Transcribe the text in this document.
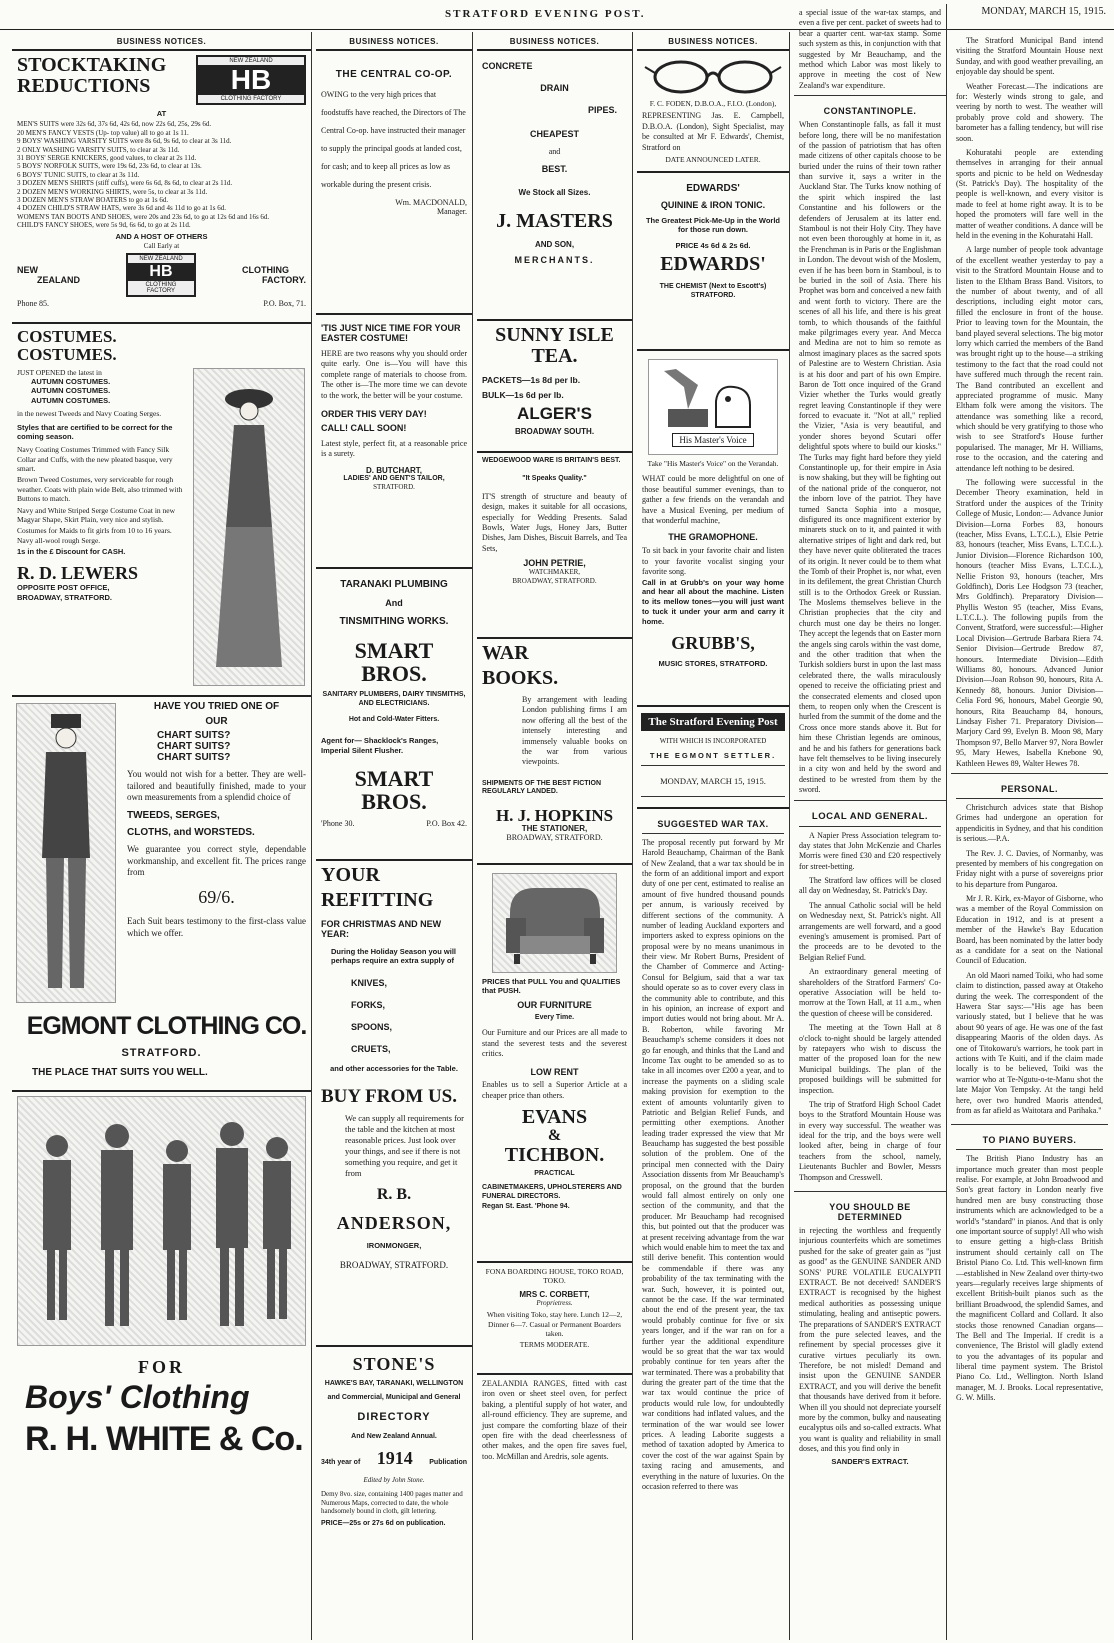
STRATFORD EVENING POST.	MONDAY, MARCH 15, 1915.
BUSINESS NOTICES.
STOCKTAKING
REDUCTIONS
NEW ZEALAND
HB
CLOTHING FACTORY
AT
MEN'S SUITS were 32s 6d, 37s 6d, 42s 6d, now 22s 6d, 25s, 29s 6d.
20 MEN'S FANCY VESTS (Up- top value) all to go at 1s 11.
9 BOYS' WASHING VARSITY SUITS were 8s 6d, 9s 6d, to clear at 3s 11d.
2 ONLY WASHING VARSITY SUITS, to clear at 3s 11d.
31 BOYS' SERGE KNICKERS, good values, to clear at 2s 11d.
5 BOYS' NORFOLK SUITS, were 19s 6d, 23s 6d, to clear at 13s.
6 BOYS' TUNIC SUITS, to clear at 3s 11d.
3 DOZEN MEN'S SHIRTS (stiff cuffs), were 6s 6d, 8s 6d, to clear at 2s 11d.
2 DOZEN MEN'S WORKING SHIRTS, were 5s, to clear at 3s 11d.
3 DOZEN MEN'S STRAW BOATERS to go at 1s 6d.
4 DOZEN CHILD'S STRAW HATS, were 3s 6d and 4s 11d to go at 1s 6d.
WOMEN'S TAN BOOTS AND SHOES, were 20s and 23s 6d, to go at 12s 6d and 16s 6d.
CHILD'S FANCY SHOES, were 5s 9d, 6s 6d, to go at 2s 11d.
AND A HOST OF OTHERS
Call Early at
NEW
ZEALAND
NEW ZEALAND
HB
CLOTHING FACTORY
CLOTHING
FACTORY.
Phone 85.	P.O. Box, 71.
COSTUMES.
COSTUMES.
JUST OPENED the latest in
AUTUMN COSTUMES.
AUTUMN COSTUMES.
AUTUMN COSTUMES.
in the newest Tweeds and Navy Coating Serges.
Styles that are certified to be correct for the coming season.
Navy Coating Costumes Trimmed with Fancy Silk Collar and Cuffs, with the new pleated basque, very smart.
Brown Tweed Costumes, very serviceable for rough weather. Coats with plain wide Belt, also trimmed with Buttons to match.
Navy and White Striped Serge Costume Coat in new Magyar Shape, Skirt Plain, very nice and stylish.
Costumes for Maids to fit girls from 10 to 16 years. Navy all-wool rough Serge.
1s in the £ Discount for CASH.
R. D. LEWERS
OPPOSITE POST OFFICE,
BROADWAY, STRATFORD.
HAVE YOU TRIED ONE OF
OUR
CHART SUITS?
CHART SUITS?
CHART SUITS?
You would not wish for a better. They are well-tailored and beautifully finished, made to your own measurements from a splendid choice of
TWEEDS, SERGES,
CLOTHS, and WORSTEDS.
We guarantee you correct style, dependable workmanship, and excellent fit. The prices range from
69/6.
Each Suit bears testimony to the first-class value which we offer.
EGMONT CLOTHING CO.
STRATFORD.
THE PLACE THAT SUITS YOU WELL.
FOR
Boys' Clothing
R. H. WHITE & Co.
BUSINESS NOTICES.
THE CENTRAL CO-OP.
OWING to the very high prices that foodstuffs have reached, the Directors of The Central Co-op. have instructed their manager to supply the principal goods at landed cost, for cash; and to keep all prices as low as workable during the present crisis.
Wm. MACDONALD,
Manager.
'TIS JUST NICE TIME FOR YOUR EASTER COSTUME!
HERE are two reasons why you should order quite early. One is—You will have this complete range of materials to choose from. The other is—The more time we can devote to the work, the better will be your costume.
ORDER THIS VERY DAY!
CALL! CALL SOON!
Latest style, perfect fit, at a reasonable price is a surety.
D. BUTCHART,
LADIES' AND GENT'S TAILOR,
STRATFORD.
TARANAKI PLUMBING
And
TINSMITHING WORKS.
SMART BROS.
SANITARY PLUMBERS, DAIRY TINSMITHS, AND ELECTRICIANS.
Hot and Cold-Water Fitters.
Agent for— Shacklock's Ranges, Imperial Silent Flusher.
SMART BROS.
'Phone 30.	P.O. Box 42.
YOUR
REFITTING
FOR CHRISTMAS AND NEW YEAR:
During the Holiday Season you will perhaps require an extra supply of
KNIVES,
FORKS,
SPOONS,
CRUETS,
and other accessories for the Table.
BUY FROM US.
We can supply all requirements for the table and the kitchen at most reasonable prices. Just look over your things, and see if there is not something you require, and get it from
R. B.
ANDERSON,
IRONMONGER,
BROADWAY, STRATFORD.
STONE'S
HAWKE'S BAY, TARANAKI, WELLINGTON
and Commercial, Municipal and General
DIRECTORY
And New Zealand Annual.
34th year of 1914 Publication
Edited by John Stone.
Demy 8vo. size, containing 1400 pages matter and Numerous Maps, corrected to date, the whole handsomely bound in cloth, gilt lettering.
PRICE—25s or 27s 6d on publication.
BUSINESS NOTICES.
CONCRETE
DRAIN
PIPES.
CHEAPEST
and
BEST.
We Stock all Sizes.
J. MASTERS
AND SON,
MERCHANTS.
SUNNY ISLE
TEA.
PACKETS—1s 8d per lb.
BULK—1s 6d per lb.
ALGER'S
BROADWAY SOUTH.
WEDGEWOOD WARE IS BRITAIN'S BEST.
"It Speaks Quality."
IT'S strength of structure and beauty of design, makes it suitable for all occasions, especially for Wedding Presents. Salad Bowls, Water Jugs, Honey Jars, Butter Dishes, Jam Dishes, Biscuit Barrels, and Tea Sets,
JOHN PETRIE,
WATCHMAKER,
BROADWAY, STRATFORD.
WAR
BOOKS.
By arrangement with leading London publishing firms I am now offering all the best of the intensely interesting and immensely valuable books on the war from various viewpoints.
SHIPMENTS OF THE BEST FICTION REGULARLY LANDED.
H. J. HOPKINS
THE STATIONER,
BROADWAY, STRATFORD.
PRICES that PULL You and QUALITIES that PUSH.
OUR FURNITURE
Every Time.
Our Furniture and our Prices are all made to stand the severest tests and the severest critics.
LOW RENT
Enables us to sell a Superior Article at a cheaper price than others.
EVANS
&
TICHBON.
PRACTICAL
CABINETMAKERS, UPHOLSTERERS AND FUNERAL DIRECTORS.
Regan St. East. 'Phone 94.
FONA BOARDING HOUSE, TOKO ROAD, TOKO.
MRS C. CORBETT,
Proprietress.
When visiting Toko, stay here. Lunch 12—2, Dinner 6—7. Casual or Permanent Boarders taken.
TERMS MODERATE.
ZEALANDIA RANGES, fitted with cast iron oven or sheet steel oven, for perfect baking, a plentiful supply of hot water, and all-round efficiency. They are supreme, and just compare the comforting blaze of their open fire with the dead cheerlessness of other makes, and the open fire saves fuel, too. McMillan and Aredris, sole agents.
BUSINESS NOTICES.
F. C. FODEN, D.B.O.A., F.I.O. (London),
REPRESENTING Jas. E. Campbell, D.B.O.A. (London), Sight Specialist, may be consulted at Mr F. Edwards', Chemist, Stratford on
DATE ANNOUNCED LATER.
EDWARDS'
QUININE & IRON TONIC.
The Greatest Pick-Me-Up in the World for those run down.
PRICE 4s 6d & 2s 6d.
EDWARDS'
THE CHEMIST (Next to Escott's) STRATFORD.
His Master's Voice
Take "His Master's Voice" on the Verandah.
WHAT could be more delightful on one of those beautiful summer evenings, than to gather a few friends on the verandah and have a Musical Evening, per medium of that wonderful machine,
THE GRAMOPHONE.
To sit back in your favorite chair and listen to your favorite vocalist singing your favorite song.
Call in at Grubb's on your way home and hear all about the machine. Listen to its mellow tones—you will just want to tuck it under your arm and carry it home.
GRUBB'S,
MUSIC STORES, STRATFORD.
The Stratford Evening Post
WITH WHICH IS INCORPORATED
THE EGMONT SETTLER.
MONDAY, MARCH 15, 1915.
SUGGESTED WAR TAX.
The proposal recently put forward by Mr Harold Beauchamp, Chairman of the Bank of New Zealand, that a war tax should be in the form of an additional import and export duty of one per cent, estimated to realise an amount of five hundred thousand pounds per annum, is variously received by different sections of the community. A number of leading Auckland exporters and importers asked to express opinions on the proposal were by no means unanimous in their view. Mr Robert Burns, President of the Chamber of Commerce and Acting-Consul for Belgium, said that a war tax should operate so as to cover every class in the community able to contribute, and this in his opinion, an increase of export and import duties would not bring about. Mr A. B. Roberton, while favoring Mr Beauchamp's scheme considers it does not go far enough, and thinks that the Land and Income Tax ought to be amended so as to take in all incomes over £200 a year, and to increase the payments on a sliding scale making provision for exemption to the extent of amounts voluntarily given to Patriotic and Belgian Relief Funds, and permitting other exemptions. Another leading trader expressed the view that Mr Beauchamp has suggested the best possible solution of the problem. One of the principal men connected with the Dairy Association dissents from Mr Beauchamp's proposal, on the ground that the burden would fall almost entirely on only one section of the community, and that the producer. Mr Beauchamp had recognised this, but pointed out that the producer was at present receiving advantage from the war which would enable him to meet the tax and still derive benefit. This contention would be commendable if there was any probability of the tax terminating with the war. Such, however, it is pointed out, cannot be the case. If the war terminated about the end of the present year, the tax would probably continue for five or six years longer, and if the war ran on for a further year the additional expenditure would be so great that the war tax would probably continue for ten years after the war terminated. There was a probability that during the greater part of the time that the war tax would continue the price of products would rule low, for undoubtedly war conditions had inflated values, and the termination of the war would see lower prices. A leading Laborite suggests a method of taxation adopted by America to cover the cost of the war against Spain by taxing racing and amusements, and everything in the nature of luxuries. On the occasion referred to there was
a special issue of the war-tax stamps, and even a five per cent. packet of sweets had to bear a quarter cent. war-tax stamp. Some such system as this, in conjunction with that suggested by Mr Beauchamp, and the method which Labor was most likely to approve in meeting the cost of New Zealand's war expenditure.
CONSTANTINOPLE.
When Constantinople falls, as fall it must before long, there will be no manifestation of the passion of patriotism that has often made citizens of other capitals choose to be buried under the ruins of their town rather than survive it, says a writer in the Auckland Star. The Turks know nothing of the spirit which inspired the last Constantine and his followers or the defenders of Jerusalem at its latter end. Stamboul is not their Holy City. They have not even been thoroughly at home in it, as the Frenchman is in Paris or the Englishman in London. The devout wish of the Moslem, even if he has been born in Stamboul, is to be buried in the soil of Asia. There his Prophet was born and conceived a new faith and went forth to victory. There are the scenes of all his life, and there is his great tomb, to which thousands of the faithful make pilgrimages every year. And Mecca and Medina are not to him so remote as almost imaginary places as the sacred spots of Palestine are to Western Christian. Asia is at his door and part of his own Empire. Baron de Tott once inquired of the Grand Vizier whether the Turks would greatly regret leaving Constantinople if they were forced to evacuate it. "Not at all," replied the Vizier, "Asia is very beautiful, and yonder shores beyond Scutari offer delightful spots where to build our kiosks." The Turks may fight hard before they yield Constantinople up, for their empire in Asia is now shaking, but they will be fighting out of the national pride of the conqueror, not the inborn love of the patriot. They have turned Sancta Sophia into a mosque, disfigured its once magnificent exterior by minarets stuck on to it, and painted it with alternative stripes of light and dark red, but they have never quite obliterated the traces of its origin. It never could be to them what the Tomb of their Prophet is, nor what, even in its defilement, the great Christian Church still is to the Orthodox Greek or Russian. The Moslems themselves believe in the Christian prophecies that the city and church must one day be theirs no longer. They accept the legends that on Easter morn the angels sing carols within the vast dome, and the other tradition that when the Turkish soldiers burst in upon the last mass celebrated there, the walls miraculously opened to receive the officiating priest and the consecrated elements and closed upon them, to reopen only when the Crescent is hurled from the summit of the dome and the Cross once more stands above it. But for him these Christian legends are ominous, and he and his fathers for generations back have felt themselves to be living insecurely in a city won and held by the sword and destined to be wrested from them by the sword.
LOCAL AND GENERAL.
A Napier Press Association telegram to-day states that John McKenzie and Charles Morris were fined £30 and £20 respectively for street-betting.
The Stratford law offices will be closed all day on Wednesday, St. Patrick's Day.
The annual Catholic social will be held on Wednesday next, St. Patrick's night. All arrangements are well forward, and a good evening's amusement is promised. Part of the proceeds are to be devoted to the Belgian Relief Fund.
An extraordinary general meeting of shareholders of the Stratford Farmers' Co-operative Association will be held to-morrow at the Town Hall, at 11 a.m., when the question of cheese will be considered.
The meeting at the Town Hall at 8 o'clock to-night should be largely attended by ratepayers who wish to discuss the matter of the proposed loan for the new Municipal buildings. The plan of the proposed buildings will be submitted for inspection.
The trip of Stratford High School Cadet boys to the Stratford Mountain House was in every way successful. The weather was ideal for the trip, and the boys were well looked after, being in charge of four teachers from the school, namely, Lieutenants Buchler and Bowler, Messrs Thompson and Cresswell.
YOU SHOULD BE DETERMINED
in rejecting the worthless and frequently injurious counterfeits which are sometimes pushed for the sake of greater gain as "just as good" as the GENUINE SANDER AND SONS' PURE VOLATILE EUCALYPTI EXTRACT. Be not deceived! SANDER'S EXTRACT is recognised by the highest medical authorities as possessing unique stimulating, healing and antiseptic powers. The preparations of SANDER'S EXTRACT from the pure selected leaves, and the refinement by special processes give it curative virtues peculiarly its own. Therefore, be not misled! Demand and insist upon the GENUINE SANDER EXTRACT, and you will derive the benefit that thousands have derived from it before. When ill you should not depreciate yourself more by the common, bulky and nauseating eucalyptus oils and so-called extracts. What you want is quality and reliability in small doses, and this you find only in
SANDER'S EXTRACT.
The Stratford Municipal Band intend visiting the Stratford Mountain House next Sunday, and with good weather prevailing, an enjoyable day should be spent.
Weather Forecast.—The indications are for: Westerly winds strong to gale, and veering by north to west. The weather will probably prove cold and showery. The barometer has a falling tendency, but will rise soon.
Kohuratahi people are extending themselves in arranging for their annual sports and picnic to be held on Wednesday (St. Patrick's Day). The hospitality of the people is well-known, and every visitor is made to feel at home right away. It is to be hoped the promoters will fare well in the matter of weather conditions. A dance will be held in the evening in the Kohuratahi Hall.
A large number of people took advantage of the excellent weather yesterday to pay a visit to the Stratford Mountain House and to listen to the Eltham Brass Band. Visitors, to the number of about twenty, and of all descriptions, including eight motor cars, filled the enclosure in front of the house. Prior to leaving town for the Mountain, the band played several selections. The big motor lorry which carried the members of the Band was brought right up to the house—a striking testimony to the fact that the road could not have suffered much through the recent rain. The Band contributed an excellent and appreciated programme of music. Many Eltham folk were among the visitors. The attendance was something like a record, which should be very gratifying to those who wish to see Stratford's House further popularised. The manager, Mr H. Williams, rose to the occasion, and the catering and attendance left nothing to be desired.
The following were successful in the December Theory examination, held in Stratford under the auspices of the Trinity College of Music, London:— Advance Junior Division—Lorna Forbes 83, honours (teacher, Miss Evans, L.T.C.L.), Elsie Petrie 83, honours (teacher, Miss Evans, L.T.C.L.). Junior Division—Florence Richardson 100, honours (teacher Miss Evans, L.T.C.L.), Nellie Friston 93, honours (teacher, Mrs Goldfinch), Doris Lee Hodgson 73 (teacher, Mrs Goldfinch). Preparatory Division—Phyllis Weston 95 (teacher, Miss Evans, L.T.C.L.). The following pupils from the Convent, Stratford, were successful:—Higher Local Division—Gertrude Barbara Riera 74. Senior Division—Gertrude Bredow 87, honours. Intermediate Division—Edith Williams 80, honours. Advanced Junior Division—Joan Robson 90, honours, Rita A. Kennedy 88, honours. Junior Division—Celia Ford 96, honours, Mabel Georgie 90, honours, Rita Beauchamp 84, honours, Lindsay Fisher 71. Preparatory Division—Marjory Card 99, Evelyn B. Moon 98, Mary Thompson 97, Bello Marver 97, Nora Bowler 95, Mary Hewes, Isabella Knebone 90, Kathleen Hewes 89, Walter Hewes 78.
PERSONAL.
Christchurch advices state that Bishop Grimes had undergone an operation for appendicitis in Sydney, and that his condition is serious.—P.A.
The Rev. J. C. Davies, of Normanby, was presented by members of his congregation on Friday night with a purse of sovereigns prior to his departure from Pungaroa.
Mr J. R. Kirk, ex-Mayor of Gisborne, who was a member of the Royal Commission on Education in 1912, and is at present a member of the Hawke's Bay Education Board, has been nominated by the latter body as a candidate for a seat on the National Council of Education.
An old Maori named Toiki, who had some claim to distinction, passed away at Otakeho during the week. The correspondent of the Hawera Star says:—"His age has been variously stated, but I believe that he was about 90 years of age. He was one of the fast disappearing Maoris of the olden days. As one of Titokowaru's warriors, he took part in actions with Te Kuiti, and if the claim made locally is to be believed, Toiki was the warrior who at Te-Ngutu-o-te-Manu shot the late Major Von Tempsky. At the tangi held here, over two hundred Maoris attended, from as far afield as Waitotara and Parihaka."
TO PIANO BUYERS.
The British Piano Industry has an importance much greater than most people realise. For example, at John Broadwood and Son's great factory in London nearly five hundred men are busy constructing those instruments which are acknowledged to be a world's "standard" in pianos. And that is only one important source of supply! All who wish to ensure getting a high-class British instrument should certainly call on The Bristol Piano Co. Ltd. This well-known firm—established in New Zealand over thirty-two years—regularly receives large shipments of excellent British-built pianos such as the brilliant Broadwood, the splendid Sames, and the magnificent Collard and Collard. It also stocks those renowned Canadian organs—The Bell and The Imperial. If credit is a convenience, The Bristol will gladly extend to you the advantages of its popular and liberal time payment system. The Bristol Piano Co. Ltd., Wellington. North Island manager, M. J. Brooks. Local representative, G. W. Mills.
